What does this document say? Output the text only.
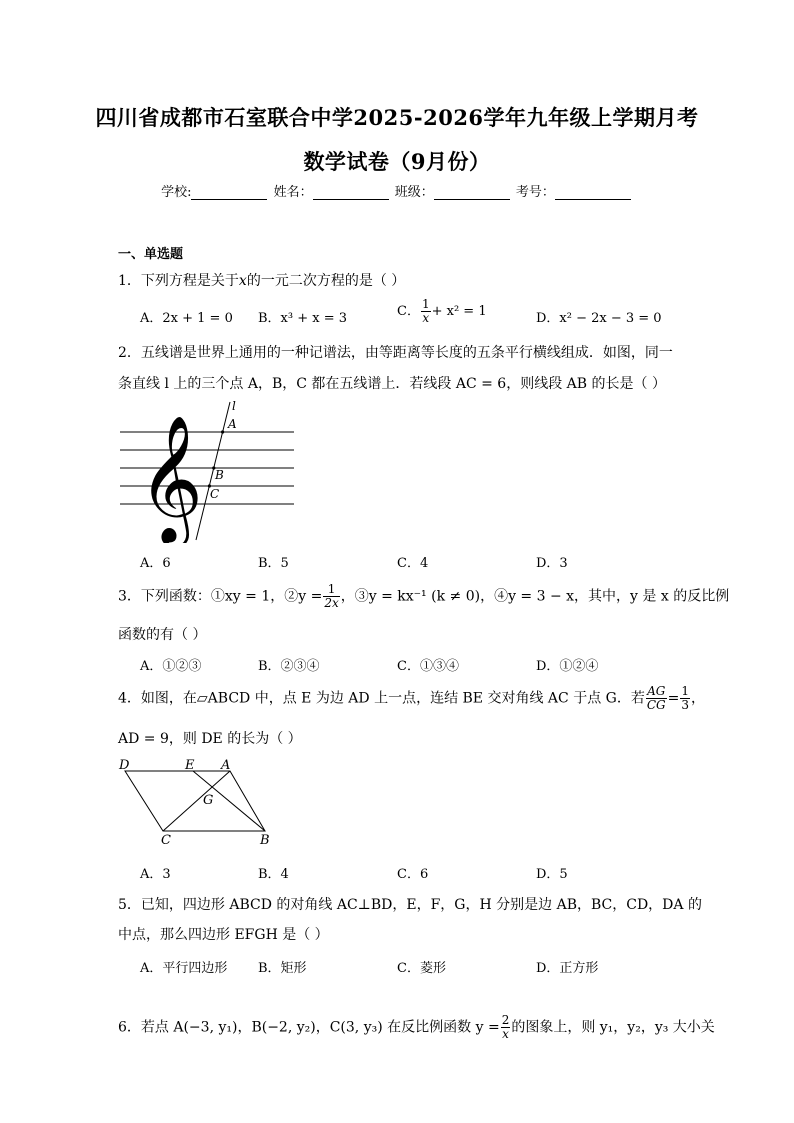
四川省成都市石室联合中学2025-2026学年九年级上学期月考
数学试卷（9月份）
学校:	姓名：	班级：	考号：
一、单选题
1．下列方程是关于x的一元二次方程的是（ ）
A．2x + 1 = 0 B．x³ + x = 3	C． $\frac{1}{x} + x^2 = 1$	D．x² − 2x − 3 = 0
2．五线谱是世界上通用的一种记谱法，由等距离等长度的五条平行横线组成．如图，同一
条直线 l 上的三个点 A，B，C 都在五线谱上．若线段 AC = 6，则线段 AB 的长是（ ）
𝄞
l
A
B
C
A．6	B．5	C．4	D．3
3．下列函数：①xy = 1，②y = $\frac{1}{2x}$ ，③y = kx⁻¹ (k ≠ 0)，④y = 3 − x，其中，y 是 x 的反比例
函数的有（ ）
A．①②③	B．②③④	C．①③④	D．①②④
4．如图，在▱ABCD 中，点 E 为边 AD 上一点，连结 BE 交对角线 AC 于点 G．若 $\frac{AG}{CG} = \frac{1}{3}$ ，
AD = 9，则 DE 的长为（ ）
D	E A
G
C	B
A．3	B．4	C．6	D．5
5．已知，四边形 ABCD 的对角线 AC⊥BD，E，F，G，H 分别是边 AB，BC，CD，DA 的
中点，那么四边形 EFGH 是（ ）
A．平行四边形 B．矩形	C．菱形	D．正方形
6．若点 A(−3, y₁)，B(−2, y₂)，C(3, y₃) 在反比例函数 $y = \frac{2}{x}$ 的图象上，则 y₁，y₂，y₃ 大小关
